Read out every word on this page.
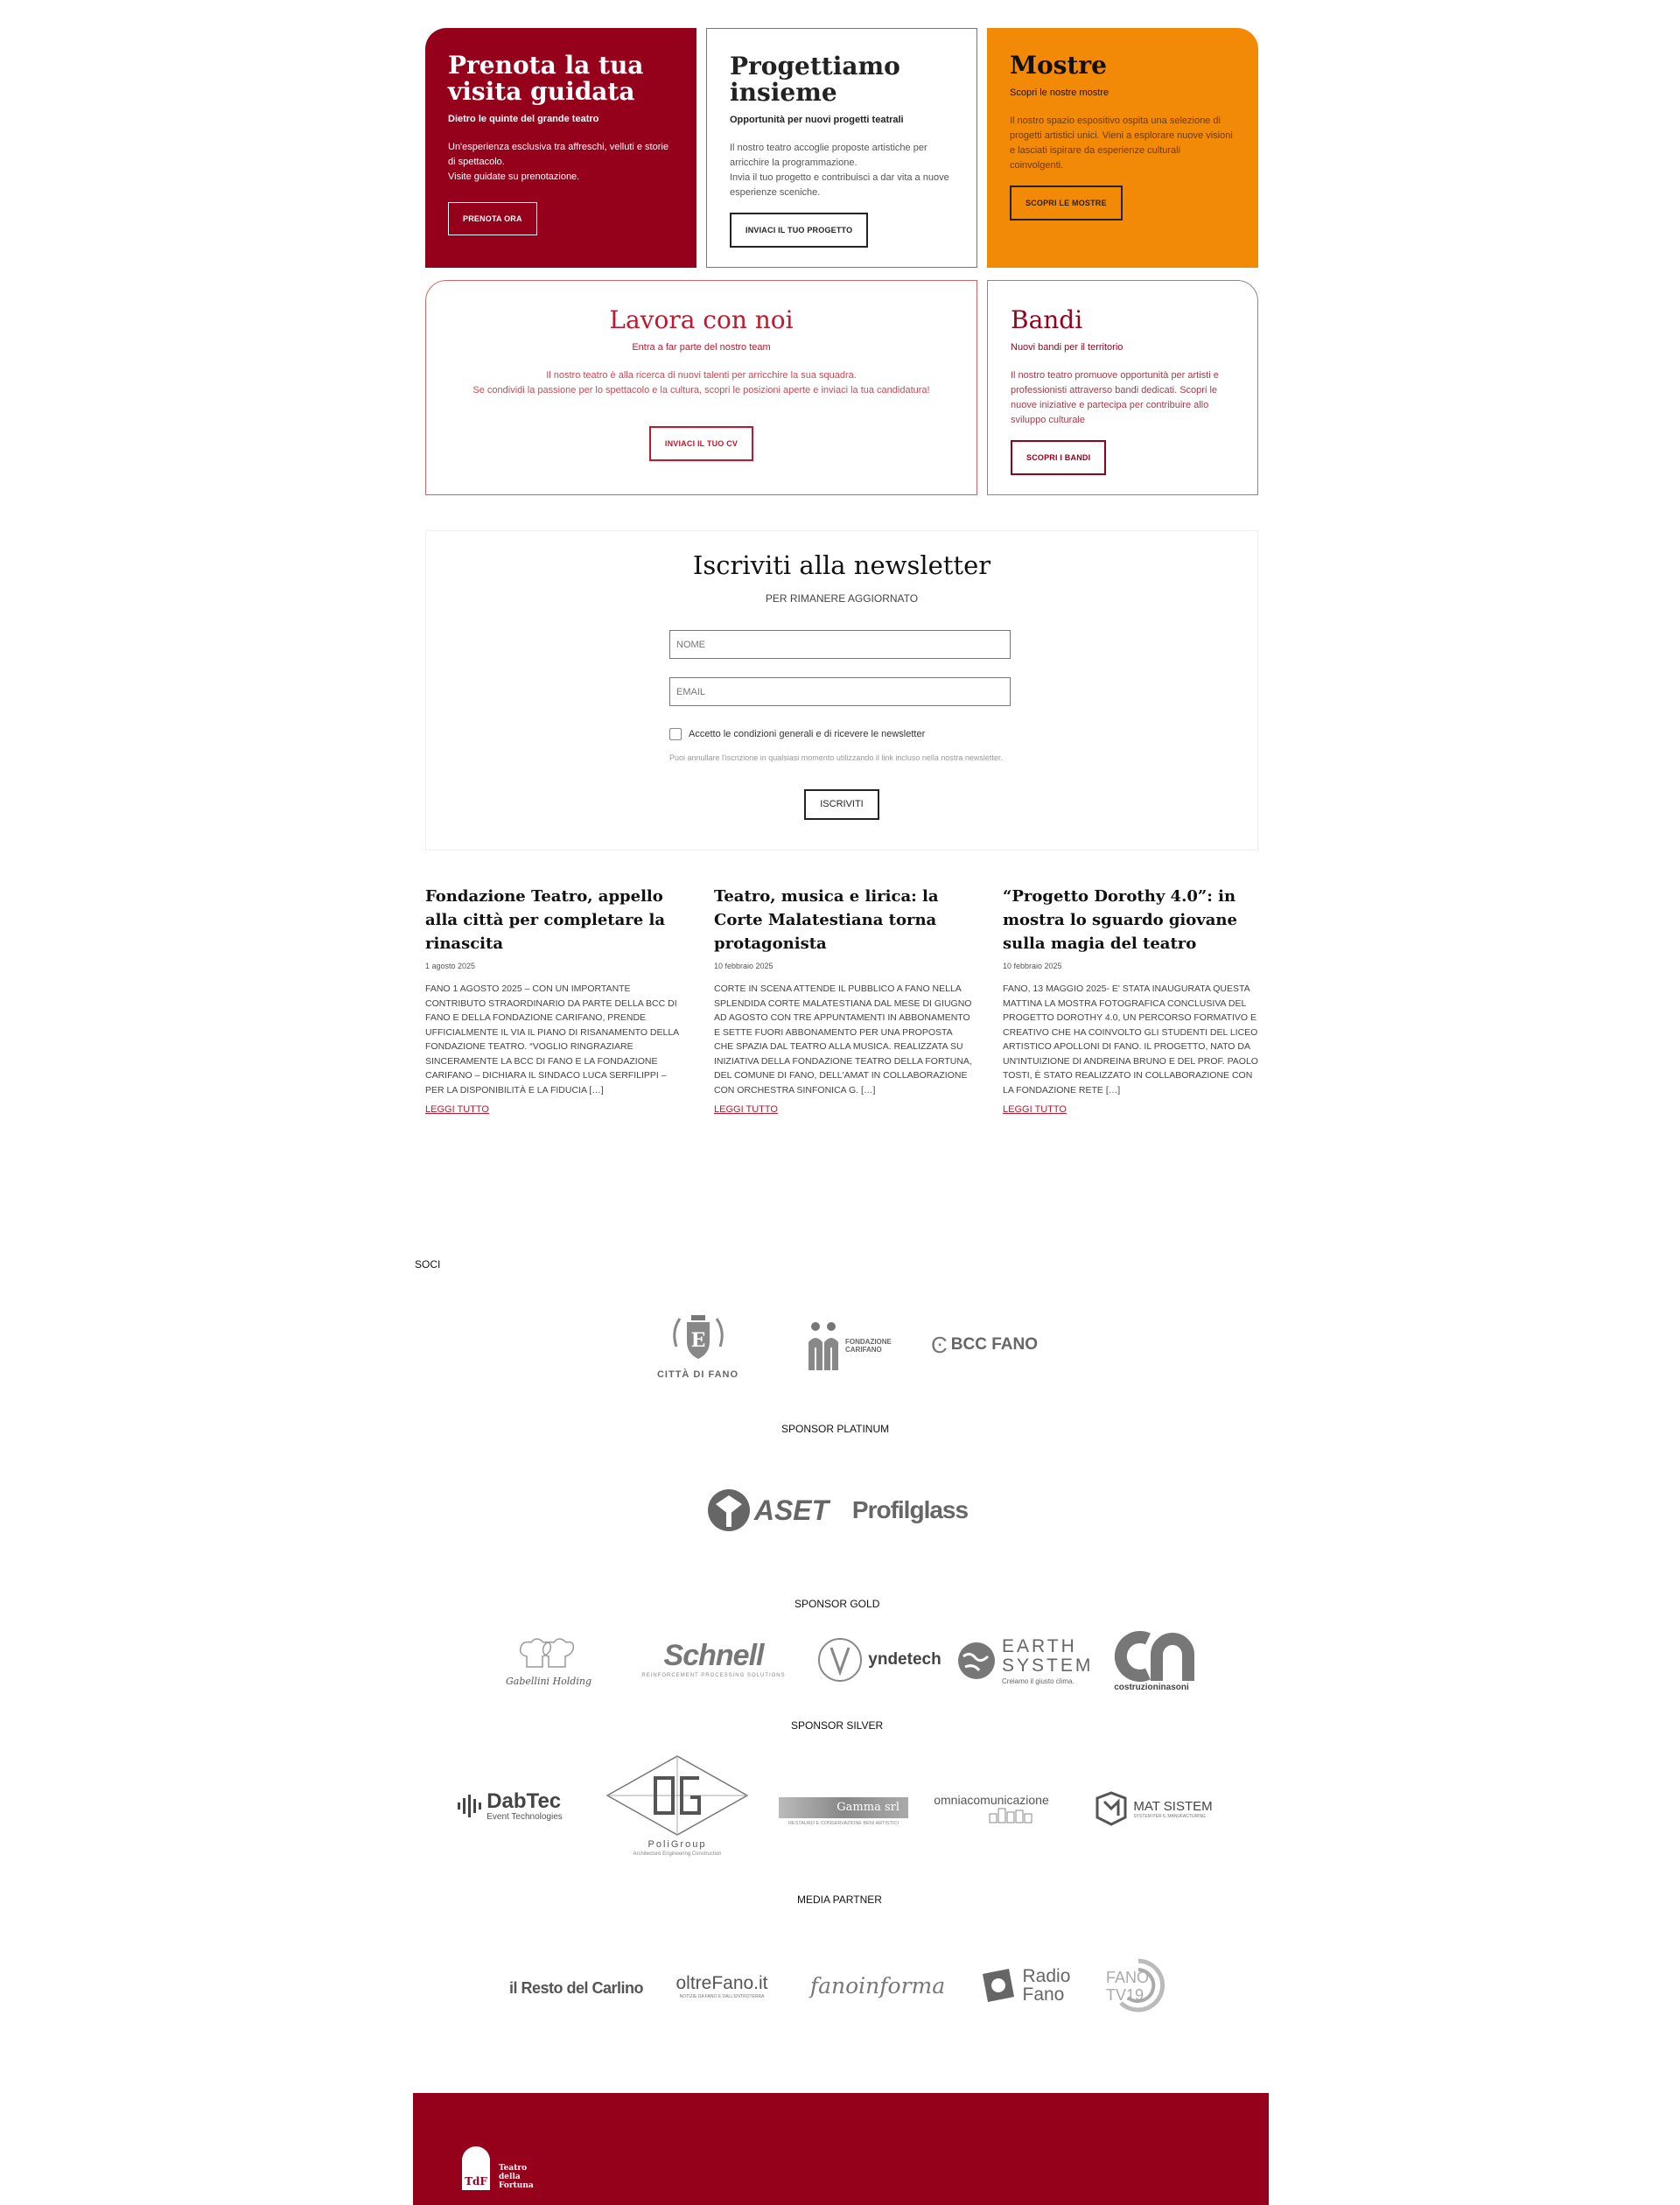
Prenota la tua visita guidata
Dietro le quinte del grande teatro
Un'esperienza esclusiva tra affreschi, velluti e storie di spettacolo.
Visite guidate su prenotazione.
PRENOTA ORA
Progettiamo insieme
Opportunità per nuovi progetti teatrali
Il nostro teatro accoglie proposte artistiche per arricchire la programmazione.
Invia il tuo progetto e contribuisci a dar vita a nuove esperienze sceniche.
INVIACI IL TUO PROGETTO
Mostre
Scopri le nostre mostre
Il nostro spazio espositivo ospita una selezione di progetti artistici unici. Vieni a esplorare nuove visioni e lasciati ispirare da esperienze culturali coinvolgenti.
SCOPRI LE MOSTRE
Lavora con noi
Entra a far parte del nostro team
Il nostro teatro è alla ricerca di nuovi talenti per arricchire la sua squadra.
Se condividi la passione per lo spettacolo e la cultura, scopri le posizioni aperte e inviaci la tua candidatura!
INVIACI IL TUO CV
Bandi
Nuovi bandi per il territorio
Il nostro teatro promuove opportunità per artisti e professionisti attraverso bandi dedicati. Scopri le nuove iniziative e partecipa per contribuire allo sviluppo culturale
SCOPRI I BANDI
Iscriviti alla newsletter
PER RIMANERE AGGIORNATO
NOME
EMAIL
Accetto le condizioni generali e di ricevere le newsletter
Puoi annullare l'iscrizione in qualsiasi momento utilizzando il link incluso nella nostra newsletter.
ISCRIVITI
Fondazione Teatro, appello alla città per completare la rinascita
1 agosto 2025
FANO 1 AGOSTO 2025 – CON UN IMPORTANTE CONTRIBUTO STRAORDINARIO DA PARTE DELLA BCC DI FANO E DELLA FONDAZIONE CARIFANO, PRENDE UFFICIALMENTE IL VIA IL PIANO DI RISANAMENTO DELLA FONDAZIONE TEATRO. “VOGLIO RINGRAZIARE SINCERAMENTE LA BCC DI FANO E LA FONDAZIONE CARIFANO – DICHIARA IL SINDACO LUCA SERFILIPPI – PER LA DISPONIBILITÀ E LA FIDUCIA […]
LEGGI TUTTO
Teatro, musica e lirica: la Corte Malatestiana torna protagonista
10 febbraio 2025
CORTE IN SCENA ATTENDE IL PUBBLICO A FANO NELLA SPLENDIDA CORTE MALATESTIANA DAL MESE DI GIUGNO AD AGOSTO CON TRE APPUNTAMENTI IN ABBONAMENTO E SETTE FUORI ABBONAMENTO PER UNA PROPOSTA CHE SPAZIA DAL TEATRO ALLA MUSICA. REALIZZATA SU INIZIATIVA DELLA FONDAZIONE TEATRO DELLA FORTUNA, DEL COMUNE DI FANO, DELL'AMAT IN COLLABORAZIONE CON ORCHESTRA SINFONICA G. […]
LEGGI TUTTO
“Progetto Dorothy 4.0”: in mostra lo sguardo giovane sulla magia del teatro
10 febbraio 2025
FANO, 13 MAGGIO 2025- E' STATA INAUGURATA QUESTA MATTINA LA MOSTRA FOTOGRAFICA CONCLUSIVA DEL PROGETTO DOROTHY 4.0, UN PERCORSO FORMATIVO E CREATIVO CHE HA COINVOLTO GLI STUDENTI DEL LICEO ARTISTICO APOLLONI DI FANO. IL PROGETTO, NATO DA UN'INTUIZIONE DI ANDREINA BRUNO E DEL PROF. PAOLO TOSTI, È STATO REALIZZATO IN COLLABORAZIONE CON LA FONDAZIONE RETE […]
LEGGI TUTTO
SOCI
E
CITTÀ DI FANO
FONDAZIONE CARIFANO Ͼ BCC FANO
SPONSOR PLATINUM
ASET Profilglass
SPONSOR GOLD
Gabellini Holding
Schnell
REINFORCEMENT PROCESSING SOLUTIONS
yndetech
EARTH SYSTEM
Creiamo il giusto clima.
costruzioninasoni
SPONSOR SILVER
DabTec
Event Technologies
PoliGroup
Architecture Engineering Construction
Gamma srl
RESTAURO E CONSERVAZIONE BENI ARTISTICI
omniacomunicazione	MAT SISTEM
SYSTEM PER IL MANUFACTURING
MEDIA PARTNER
il Resto del Carlino oltreFano.it
NOTIZIE DA FANO E DALL'ENTROTERRA fanoinforma	Radio Fano
FANO TV19
TdF
Teatro
della
Fortuna
